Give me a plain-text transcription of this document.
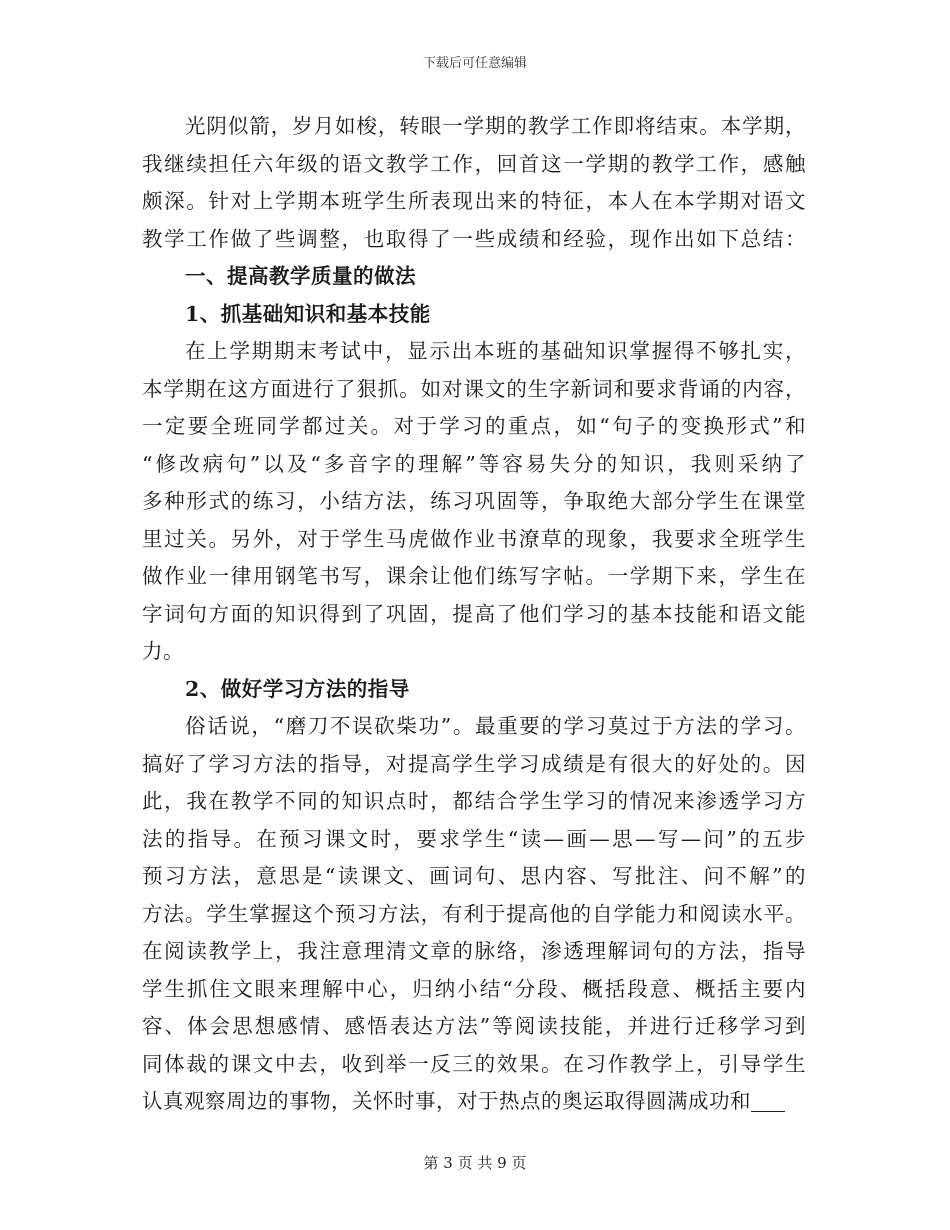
下载后可任意编辑
光阴似箭，岁月如梭，转眼一学期的教学工作即将结束。本学期，
我继续担任六年级的语文教学工作，回首这一学期的教学工作，感触
颇深。针对上学期本班学生所表现出来的特征，本人在本学期对语文
教学工作做了些调整，也取得了一些成绩和经验，现作出如下总结：
一、提高教学质量的做法
1、抓基础知识和基本技能
在上学期期末考试中，显示出本班的基础知识掌握得不够扎实，
本学期在这方面进行了狠抓。如对课文的生字新词和要求背诵的内容，
一定要全班同学都过关。对于学习的重点，如“句子的变换形式”和
“修改病句”以及“多音字的理解”等容易失分的知识，我则采纳了
多种形式的练习，小结方法，练习巩固等，争取绝大部分学生在课堂
里过关。另外，对于学生马虎做作业书潦草的现象，我要求全班学生
做作业一律用钢笔书写，课余让他们练写字帖。一学期下来，学生在
字词句方面的知识得到了巩固，提高了他们学习的基本技能和语文能
力。
2、做好学习方法的指导
俗话说，“磨刀不误砍柴功”。最重要的学习莫过于方法的学习。
搞好了学习方法的指导，对提高学生学习成绩是有很大的好处的。因
此，我在教学不同的知识点时，都结合学生学习的情况来渗透学习方
法的指导。在预习课文时，要求学生“读—画—思—写—问”的五步
预习方法，意思是“读课文、画词句、思内容、写批注、问不解”的
方法。学生掌握这个预习方法，有利于提高他的自学能力和阅读水平。
在阅读教学上，我注意理清文章的脉络，渗透理解词句的方法，指导
学生抓住文眼来理解中心，归纳小结“分段、概括段意、概括主要内
容、体会思想感情、感悟表达方法”等阅读技能，并进行迁移学习到
同体裁的课文中去，收到举一反三的效果。在习作教学上，引导学生
认真观察周边的事物，关怀时事，对于热点的奥运取得圆满成功和
第 3 页 共 9 页
